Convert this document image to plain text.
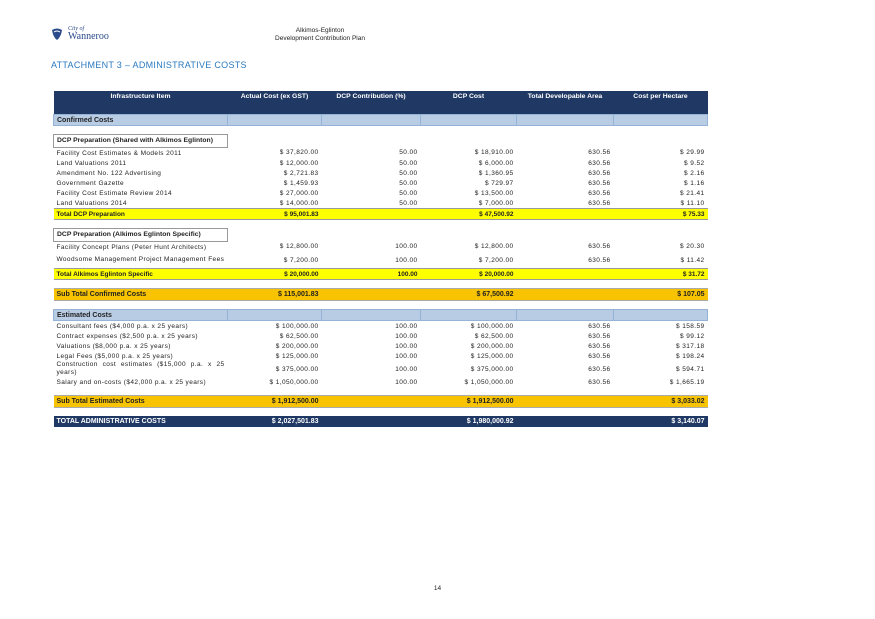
City of
Wanneroo
Alkimos-Eglinton
Development Contribution Plan
ATTACHMENT 3 – ADMINISTRATIVE COSTS
Infrastructure Item	Actual Cost (ex GST)	DCP Contribution (%)	DCP Cost	Total Developable Area	Cost per Hectare
Confirmed Costs					

DCP Preparation (Shared with Alkimos Eglinton)					
Facility Cost Estimates & Models 2011	$ 37,820.00	50.00	$ 18,910.00	630.56	$ 29.99
Land Valuations 2011	$ 12,000.00	50.00	$ 6,000.00	630.56	$ 9.52
Amendment No. 122 Advertising	$ 2,721.83	50.00	$ 1,360.95	630.56	$ 2.16
Government Gazette	$ 1,459.93	50.00	$ 729.97	630.56	$ 1.16
Facility Cost Estimate Review 2014	$ 27,000.00	50.00	$ 13,500.00	630.56	$ 21.41
Land Valuations 2014	$ 14,000.00	50.00	$ 7,000.00	630.56	$ 11.10
Total DCP Preparation	$ 95,001.83		$ 47,500.92		$ 75.33

DCP Preparation (Alkimos Eglinton Specific)					
Facility Concept Plans (Peter Hunt Architects)	$ 12,800.00	100.00	$ 12,800.00	630.56	$ 20.30
Woodsome Management Project Management Fees	$ 7,200.00	100.00	$ 7,200.00	630.56	$ 11.42
Total Alkimos Eglinton Specific	$ 20,000.00	100.00	$ 20,000.00		$ 31.72

Sub Total Confirmed Costs	$ 115,001.83		$ 67,500.92		$ 107.05

Estimated Costs					
Consultant fees ($4,000 p.a. x 25 years)	$ 100,000.00	100.00	$ 100,000.00	630.56	$ 158.59
Contract expenses ($2,500 p.a. x 25 years)	$ 62,500.00	100.00	$ 62,500.00	630.56	$ 99.12
Valuations ($8,000 p.a. x 25 years)	$ 200,000.00	100.00	$ 200,000.00	630.56	$ 317.18
Legal Fees ($5,000 p.a. x 25 years)	$ 125,000.00	100.00	$ 125,000.00	630.56	$ 198.24
Construction cost estimates ($15,000 p.a. x 25 years)	$ 375,000.00	100.00	$ 375,000.00	630.56	$ 594.71
Salary and on-costs ($42,000 p.a. x 25 years)	$ 1,050,000.00	100.00	$ 1,050,000.00	630.56	$ 1,665.19

Sub Total Estimated Costs	$ 1,912,500.00		$ 1,912,500.00		$ 3,033.02

TOTAL ADMINISTRATIVE COSTS	$ 2,027,501.83		$ 1,980,000.92		$ 3,140.07
14
